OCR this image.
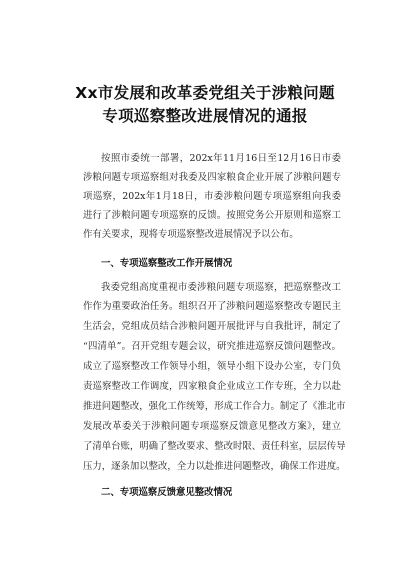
Xx市发展和改革委党组关于涉粮问题
专项巡察整改进展情况的通报
按照市委统一部署，202x年11月16日至12月16日市委
涉粮问题专项巡察组对我委及四家粮食企业开展了涉粮问题专
项巡察，202x年1月18日，市委涉粮问题专项巡察组向我委
进行了涉粮问题专项巡察的反馈。按照党务公开原则和巡察工
作有关要求，现将专项巡察整改进展情况予以公布。
一、专项巡察整改工作开展情况
我委党组高度重视市委涉粮问题专项巡察，把巡察整改工
作作为重要政治任务。组织召开了涉粮问题巡察整改专题民主
生活会，党组成员结合涉粮问题开展批评与自我批评，制定了
“四清单”。召开党组专题会议，研究推进巡察反馈问题整改。
成立了巡察整改工作领导小组，领导小组下设办公室，专门负
责巡察整改工作调度，四家粮食企业成立工作专班，全力以赴
推进问题整改，强化工作统筹，形成工作合力。制定了《淮北市
发展改革委关于涉粮问题专项巡察反馈意见整改方案》，建立
了清单台账，明确了整改要求、整改时限、责任科室，层层传导
压力，逐条加以整改，全力以赴推进问题整改，确保工作进度。
二、专项巡察反馈意见整改情况
